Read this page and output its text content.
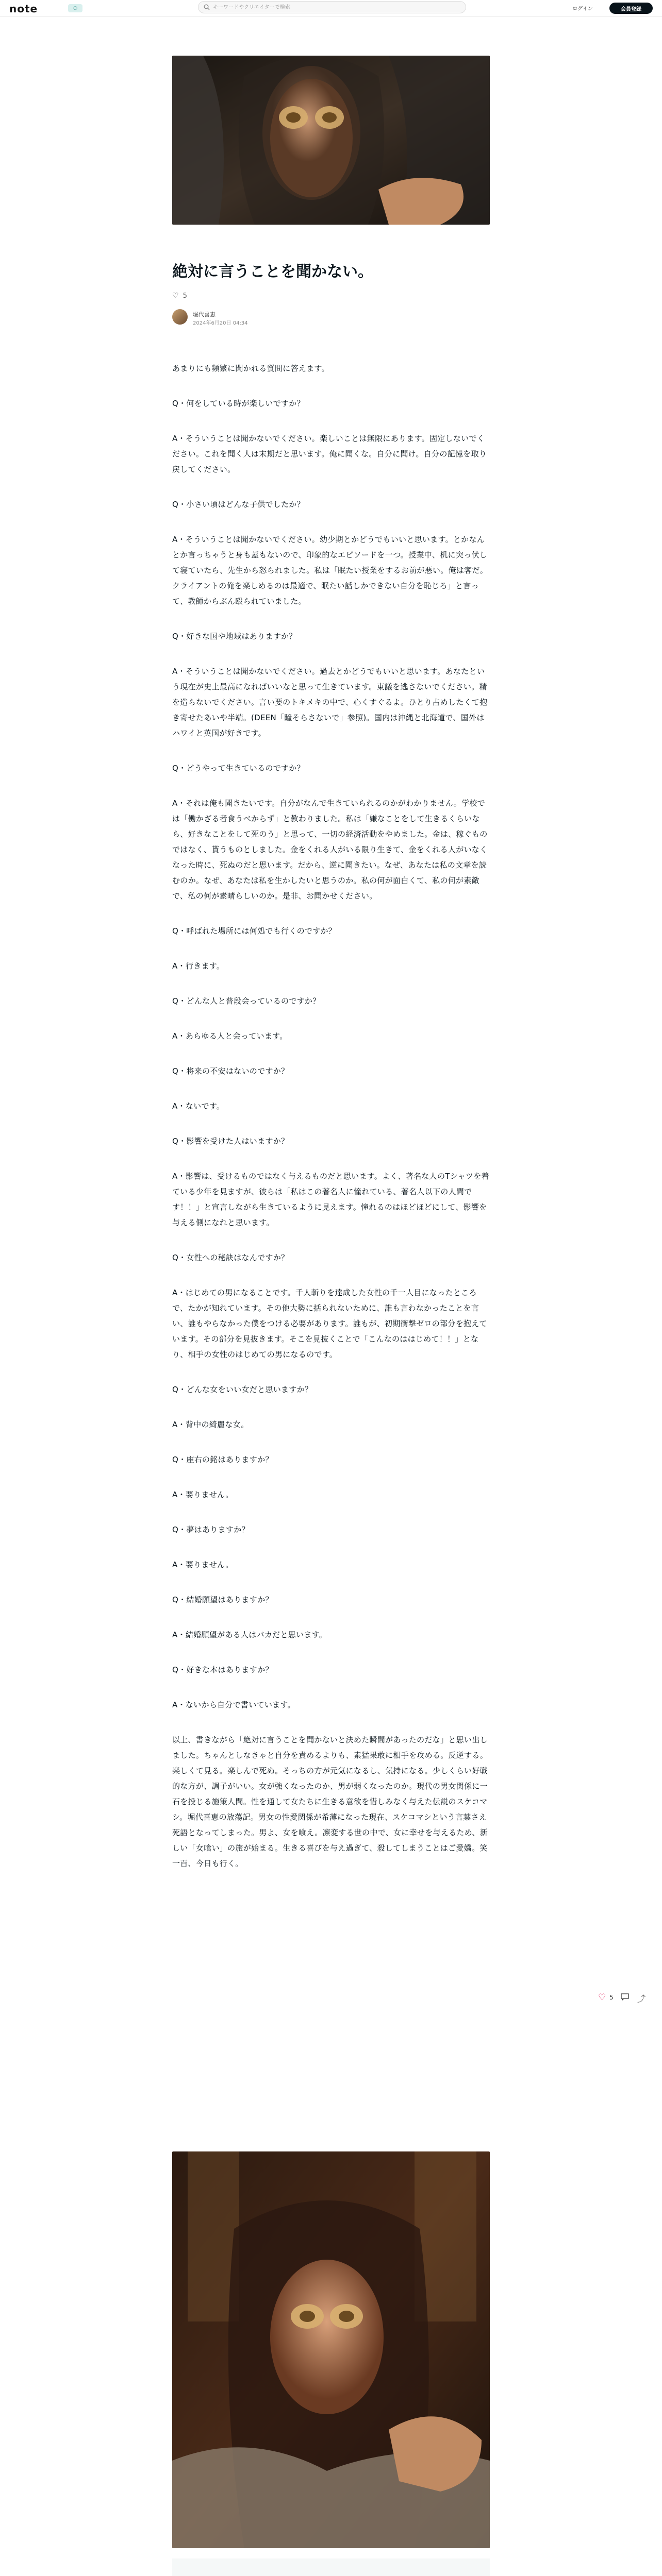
note	○
キーワードやクリエイターで検索	ログイン	会員登録
絶対に言うことを聞かない。
♡ 5
堀代喜恵
2024年6月20日 04:34

あまりにも頻繁に聞かれる質問に答えます。

Q・何をしている時が楽しいですか？

A・そういうことは聞かないでください。楽しいことは無限にあります。固定しないでください。これを聞く人は末期だと思います。俺に聞くな。自分に聞け。自分の記憶を取り戻してください。

Q・小さい頃はどんな子供でしたか？

A・そういうことは聞かないでください。幼少期とかどうでもいいと思います。とかなんとか言っちゃうと身も蓋もないので、印象的なエピソードを一つ。授業中、机に突っ伏して寝ていたら、先生から怒られました。私は「眠たい授業をするお前が悪い。俺は客だ。クライアントの俺を楽しめるのは最適で、眠たい話しかできない自分を恥じろ」と言って、教師からぶん殴られていました。

Q・好きな国や地域はありますか？

A・そういうことは聞かないでください。過去とかどうでもいいと思います。あなたという現在が史上最高になればいいなと思って生きています。東議を逃さないでください。精を造らないでください。言い要のトキメキの中で、心くすぐるよ。ひとり占めしたくて抱き寄せたあいや半端。(DEEN「瞳そらさないで」参照)。国内は沖縄と北海道で、国外はハワイと英国が好きです。

Q・どうやって生きているのですか？

A・それは俺も聞きたいです。自分がなんで生きていられるのかがわかりません。学校では「働かざる者食うべからず」と教わりました。私は「嫌なことをして生きるくらいなら、好きなことをして死のう」と思って、一切の経済活動をやめました。金は、稼ぐものではなく、貰うものとしました。金をくれる人がいる限り生きて、金をくれる人がいなくなった時に、死ぬのだと思います。だから、逆に聞きたい。なぜ、あなたは私の文章を読むのか。なぜ、あなたは私を生かしたいと思うのか。私の何が面白くて、私の何が素敵で、私の何が素晴らしいのか。是非、お聞かせください。

Q・呼ばれた場所には何処でも行くのですか？

A・行きます。

Q・どんな人と普段会っているのですか？

A・あらゆる人と会っています。

Q・将来の不安はないのですか？

A・ないです。

Q・影響を受けた人はいますか？

A・影響は、受けるものではなく与えるものだと思います。よく、著名な人のTシャツを着ている少年を見ますが、彼らは「私はこの著名人に憧れている、著名人以下の人間です！！」と宣言しながら生きているように見えます。憧れるのはほどほどにして、影響を与える側になれと思います。

Q・女性への秘訣はなんですか？

A・はじめての男になることです。千人斬りを達成した女性の千一人目になったところで、たかが知れています。その他大勢に括られないために、誰も言わなかったことを言い、誰もやらなかった僕をつける必要があります。誰もが、初期衝撃ゼロの部分を抱えています。その部分を見抜きます。そこを見抜くことで「こんなのははじめて！！」となり、相手の女性のはじめての男になるのです。

Q・どんな女をいい女だと思いますか？

A・背中の綺麗な女。

Q・座右の銘はありますか？

A・要りません。

Q・夢はありますか？

A・要りません。

Q・結婚願望はありますか？

A・結婚願望がある人はバカだと思います。

Q・好きな本はありますか？

A・ないから自分で書いています。

以上、書きながら「絶対に言うことを聞かないと決めた瞬間があったのだな」と思い出しました。ちゃんとしなきゃと自分を責めるよりも、素猛果敢に相手を攻める。反逆する。楽しくて見る。楽しんで死ぬ。そっちの方が元気になるし、気持になる。少しくらい好戦的な方が、調子がいい。女が強くなったのか、男が弱くなったのか。現代の男女関係に一石を投じる施策人間。性を通して女たちに生きる意欲を惜しみなく与えた伝説のスケコマシ。堀代喜恵の放蕩記。男女の性愛関係が希薄になった現在、スケコマシという言葉さえ死語となってしまった。男よ、女を喰え。凛変する世の中で、女に幸せを与えるため、新しい「女喰い」の旅が始まる。生きる喜びを与え過ぎて、殺してしまうことはご愛嬌。笑一百、今日も行く。

♡ 5	⤴
